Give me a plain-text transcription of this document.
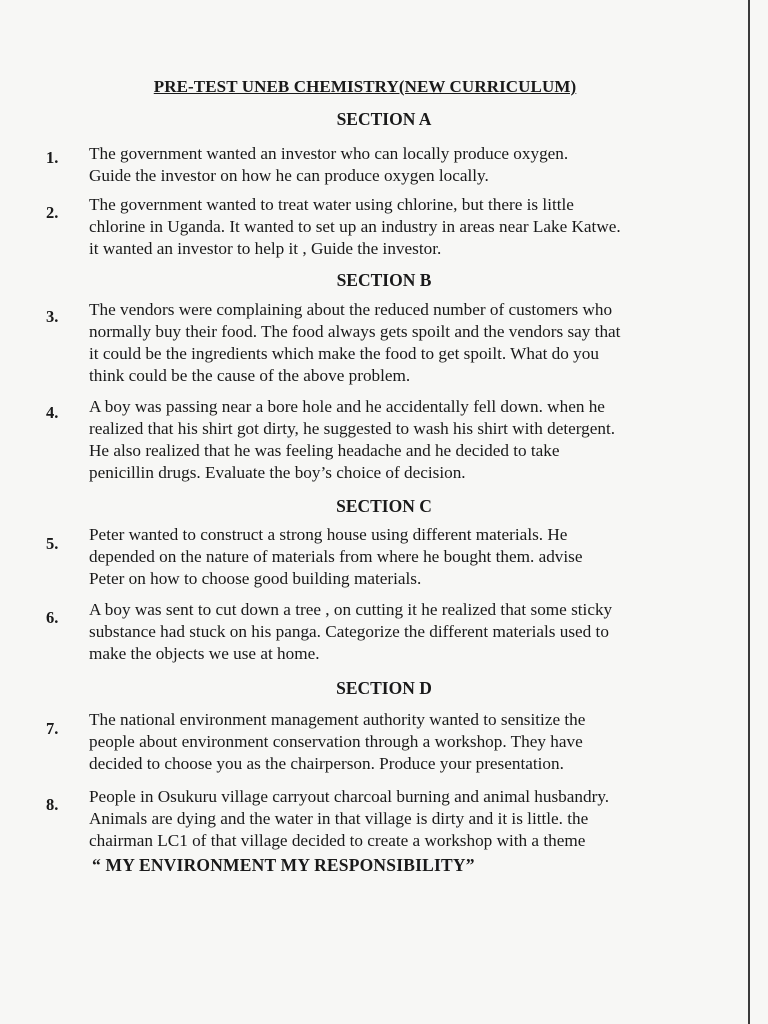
PRE-TEST UNEB CHEMISTRY(NEW CURRICULUM)
SECTION A
1. The government wanted an investor who can locally produce oxygen.
Guide the investor on how he can produce oxygen locally.
2. The government wanted to treat water using chlorine, but there is little
chlorine in Uganda. It wanted to set up an industry in areas near Lake Katwe.
it wanted an investor to help it , Guide the investor.
SECTION B
3. The vendors were complaining about the reduced number of customers who
normally buy their food. The food always gets spoilt and the vendors say that
it could be the ingredients which make the food to get spoilt. What do you
think could be the cause of the above problem.
4. A boy was passing near a bore hole and he accidentally fell down. when he
realized that his shirt got dirty, he suggested to wash his shirt with detergent.
He also realized that he was feeling headache and he decided to take
penicillin drugs. Evaluate the boy’s choice of decision.
SECTION C
5. Peter wanted to construct a strong house using different materials. He
depended on the nature of materials from where he bought them. advise
Peter on how to choose good building materials.
6. A boy was sent to cut down a tree , on cutting it he realized that some sticky
substance had stuck on his panga. Categorize the different materials used to
make the objects we use at home.
SECTION D
7. The national environment management authority wanted to sensitize the
people about environment conservation through a workshop. They have
decided to choose you as the chairperson. Produce your presentation.
8. People in Osukuru village carryout charcoal burning and animal husbandry.
Animals are dying and the water in that village is dirty and it is little. the
chairman LC1 of that village decided to create a workshop with a theme
“ MY ENVIRONMENT MY RESPONSIBILITY”
